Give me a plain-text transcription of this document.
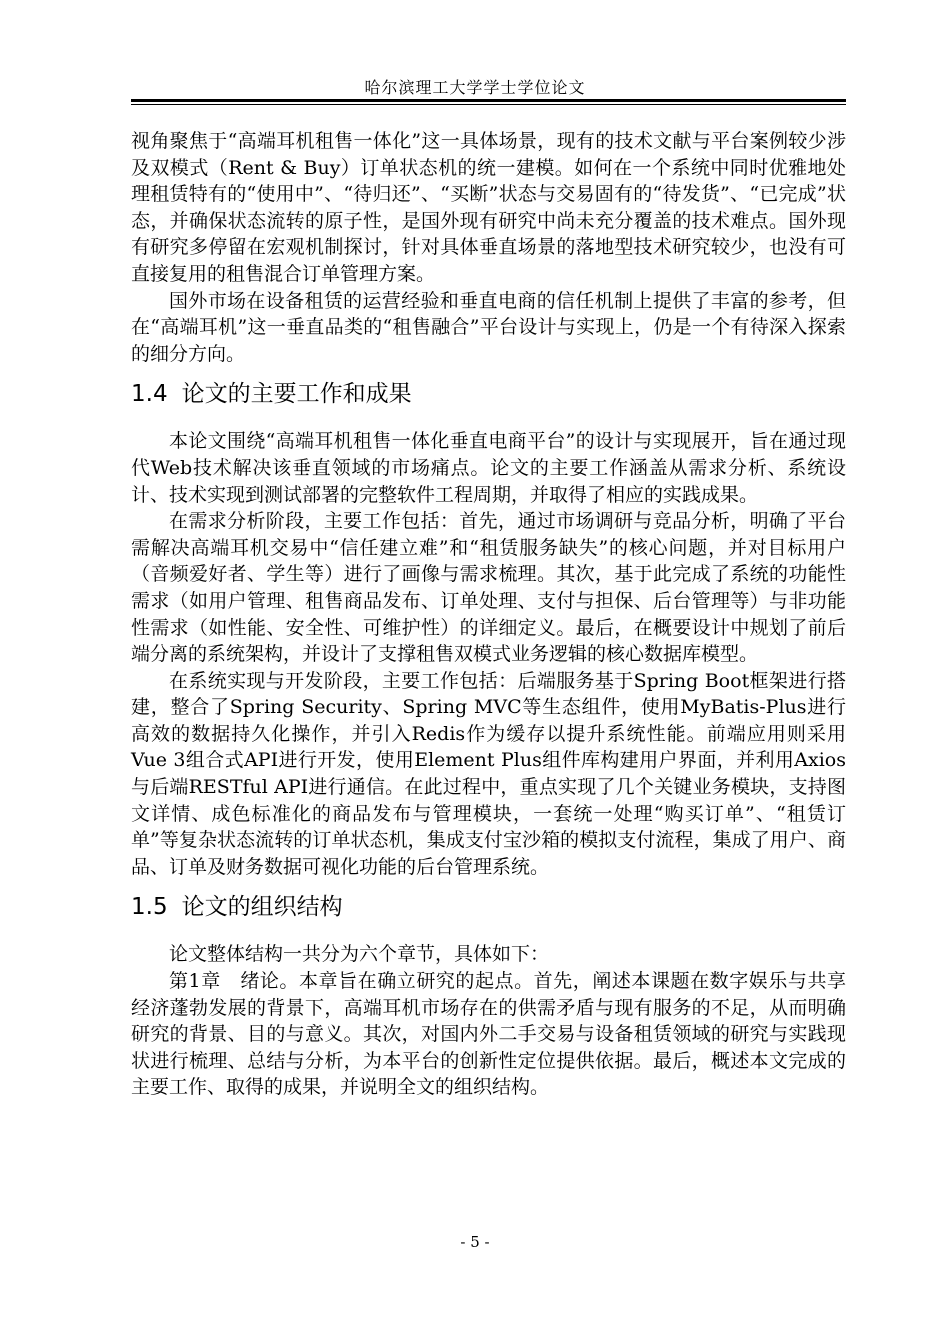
哈尔滨理工大学学士学位论文

视角聚焦于“高端耳机租售一体化”这一具体场景，现有的技术文献与平台案例较少涉及双模式（Rent & Buy）订单状态机的统一建模。如何在一个系统中同时优雅地处理租赁特有的“使用中”、“待归还”、“买断”状态与交易固有的“待发货”、“已完成”状态，并确保状态流转的原子性，是国外现有研究中尚未充分覆盖的技术难点。国外现有研究多停留在宏观机制探讨，针对具体垂直场景的落地型技术研究较少，也没有可直接复用的租售混合订单管理方案。

国外市场在设备租赁的运营经验和垂直电商的信任机制上提供了丰富的参考，但在“高端耳机”这一垂直品类的“租售融合”平台设计与实现上，仍是一个有待深入探索的细分方向。

1.4 论文的主要工作和成果

本论文围绕“高端耳机租售一体化垂直电商平台”的设计与实现展开，旨在通过现代Web技术解决该垂直领域的市场痛点。论文的主要工作涵盖从需求分析、系统设计、技术实现到测试部署的完整软件工程周期，并取得了相应的实践成果。

在需求分析阶段，主要工作包括：首先，通过市场调研与竞品分析，明确了平台需解决高端耳机交易中“信任建立难”和“租赁服务缺失”的核心问题，并对目标用户（音频爱好者、学生等）进行了画像与需求梳理。其次，基于此完成了系统的功能性需求（如用户管理、租售商品发布、订单处理、支付与担保、后台管理等）与非功能性需求（如性能、安全性、可维护性）的详细定义。最后，在概要设计中规划了前后端分离的系统架构，并设计了支撑租售双模式业务逻辑的核心数据库模型。

在系统实现与开发阶段，主要工作包括：后端服务基于Spring Boot框架进行搭建，整合了Spring Security、Spring MVC等生态组件，使用MyBatis-Plus进行高效的数据持久化操作，并引入Redis作为缓存以提升系统性能。前端应用则采用Vue 3组合式API进行开发，使用Element Plus组件库构建用户界面，并利用Axios与后端RESTful API进行通信。在此过程中，重点实现了几个关键业务模块，支持图文详情、成色标准化的商品发布与管理模块，一套统一处理“购买订单”、“租赁订单”等复杂状态流转的订单状态机，集成支付宝沙箱的模拟支付流程，集成了用户、商品、订单及财务数据可视化功能的后台管理系统。

1.5 论文的组织结构

论文整体结构一共分为六个章节，具体如下：

第1章　绪论。本章旨在确立研究的起点。首先，阐述本课题在数字娱乐与共享经济蓬勃发展的背景下，高端耳机市场存在的供需矛盾与现有服务的不足，从而明确研究的背景、目的与意义。其次，对国内外二手交易与设备租赁领域的研究与实践现状进行梳理、总结与分析，为本平台的创新性定位提供依据。最后，概述本文完成的主要工作、取得的成果，并说明全文的组织结构。

- 5 -
